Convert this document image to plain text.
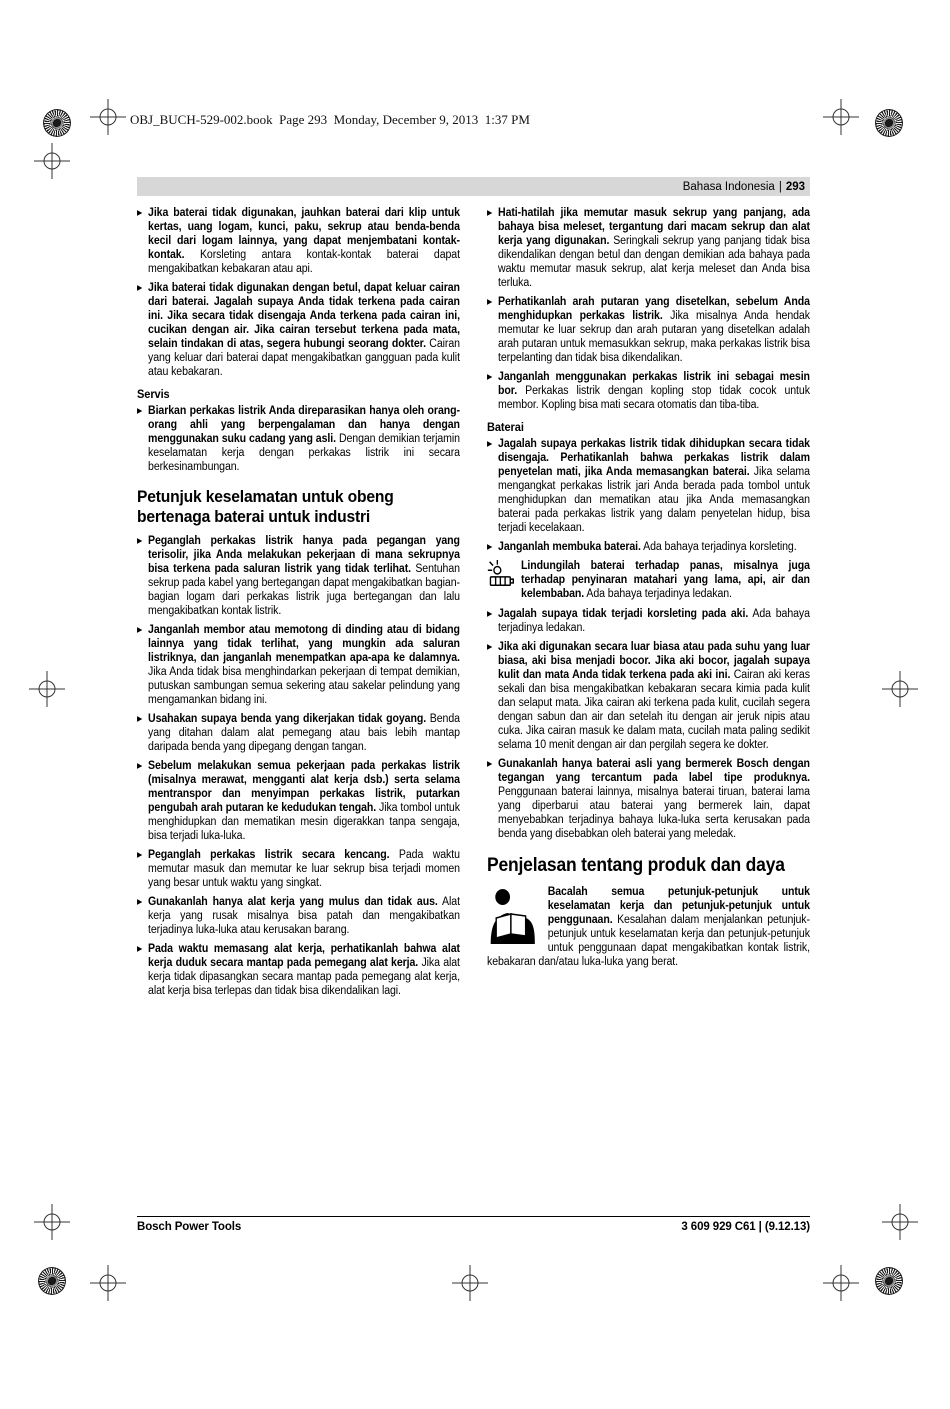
OBJ_BUCH-529-002.book  Page 293  Monday, December 9, 2013  1:37 PM
Bahasa Indonesia | 293
▶ Jika baterai tidak digunakan, jauhkan baterai dari klip untuk kertas, uang logam, kunci, paku, sekrup atau benda-benda kecil dari logam lainnya, yang dapat menjembatani kontak-kontak. Korsleting antara kontak-kontak baterai dapat mengakibatkan kebakaran atau api.

▶ Jika baterai tidak digunakan dengan betul, dapat keluar cairan dari baterai. Jagalah supaya Anda tidak terkena pada cairan ini. Jika secara tidak disengaja Anda terkena pada cairan ini, cucikan dengan air. Jika cairan tersebut terkena pada mata, selain tindakan di atas, segera hubungi seorang dokter. Cairan yang keluar dari baterai dapat mengakibatkan gangguan pada kulit atau kebakaran.

Servis
▶ Biarkan perkakas listrik Anda direparasikan hanya oleh orang-orang ahli yang berpengalaman dan hanya dengan menggunakan suku cadang yang asli. Dengan demikian terjamin keselamatan kerja dengan perkakas listrik ini secara berkesinambungan.

Petunjuk keselamatan untuk obeng bertenaga baterai untuk industri
▶ Peganglah perkakas listrik hanya pada pegangan yang terisolir, jika Anda melakukan pekerjaan di mana sekrupnya bisa terkena pada saluran listrik yang tidak terlihat. Sentuhan sekrup pada kabel yang bertegangan dapat mengakibatkan bagian-bagian logam dari perkakas listrik juga bertegangan dan lalu mengakibatkan kontak listrik.

▶ Janganlah membor atau memotong di dinding atau di bidang lainnya yang tidak terlihat, yang mungkin ada saluran listriknya, dan janganlah menempatkan apa-apa ke dalamnya. Jika Anda tidak bisa menghindarkan pekerjaan di tempat demikian, putuskan sambungan semua sekering atau sakelar pelindung yang mengamankan bidang ini.

▶ Usahakan supaya benda yang dikerjakan tidak goyang. Benda yang ditahan dalam alat pemegang atau bais lebih mantap daripada benda yang dipegang dengan tangan.

▶ Sebelum melakukan semua pekerjaan pada perkakas listrik (misalnya merawat, mengganti alat kerja dsb.) serta selama mentranspor dan menyimpan perkakas listrik, putarkan pengubah arah putaran ke kedudukan tengah. Jika tombol untuk menghidupkan dan mematikan mesin digerakkan tanpa sengaja, bisa terjadi luka-luka.

▶ Peganglah perkakas listrik secara kencang. Pada waktu memutar masuk dan memutar ke luar sekrup bisa terjadi momen yang besar untuk waktu yang singkat.

▶ Gunakanlah hanya alat kerja yang mulus dan tidak aus. Alat kerja yang rusak misalnya bisa patah dan mengakibatkan terjadinya luka-luka atau kerusakan barang.

▶ Pada waktu memasang alat kerja, perhatikanlah bahwa alat kerja duduk secara mantap pada pemegang alat kerja. Jika alat kerja tidak dipasangkan secara mantap pada pemegang alat kerja, alat kerja bisa terlepas dan tidak bisa dikendalikan lagi.

▶ Hati-hatilah jika memutar masuk sekrup yang panjang, ada bahaya bisa meleset, tergantung dari macam sekrup dan alat kerja yang digunakan. Seringkali sekrup yang panjang tidak bisa dikendalikan dengan betul dan dengan demikian ada bahaya pada waktu memutar masuk sekrup, alat kerja meleset dan Anda bisa terluka.

▶ Perhatikanlah arah putaran yang disetelkan, sebelum Anda menghidupkan perkakas listrik. Jika misalnya Anda hendak memutar ke luar sekrup dan arah putaran yang disetelkan adalah arah putaran untuk memasukkan sekrup, maka perkakas listrik bisa terpelanting dan tidak bisa dikendalikan.

▶ Janganlah menggunakan perkakas listrik ini sebagai mesin bor. Perkakas listrik dengan kopling stop tidak cocok untuk membor. Kopling bisa mati secara otomatis dan tiba-tiba.

Baterai
▶ Jagalah supaya perkakas listrik tidak dihidupkan secara tidak disengaja. Perhatikanlah bahwa perkakas listrik dalam penyetelan mati, jika Anda memasangkan baterai. Jika selama mengangkat perkakas listrik jari Anda berada pada tombol untuk menghidupkan dan mematikan atau jika Anda memasangkan baterai pada perkakas listrik yang dalam penyetelan hidup, bisa terjadi kecelakaan.

▶ Janganlah membuka baterai. Ada bahaya terjadinya korsleting.

Lindungilah baterai terhadap panas, misalnya juga terhadap penyinaran matahari yang lama, api, air dan kelembaban. Ada bahaya terjadinya ledakan.

▶ Jagalah supaya tidak terjadi korsleting pada aki. Ada bahaya terjadinya ledakan.

▶ Jika aki digunakan secara luar biasa atau pada suhu yang luar biasa, aki bisa menjadi bocor. Jika aki bocor, jagalah supaya kulit dan mata Anda tidak terkena pada aki ini. Cairan aki keras sekali dan bisa mengakibatkan kebakaran secara kimia pada kulit dan selaput mata. Jika cairan aki terkena pada kulit, cucilah segera dengan sabun dan air dan setelah itu dengan air jeruk nipis atau cuka. Jika cairan masuk ke dalam mata, cucilah mata paling sedikit selama 10 menit dengan air dan pergilah segera ke dokter.

▶ Gunakanlah hanya baterai asli yang bermerek Bosch dengan tegangan yang tercantum pada label tipe produknya. Penggunaan baterai lainnya, misalnya baterai tiruan, baterai lama yang diperbarui atau baterai yang bermerek lain, dapat menyebabkan terjadinya bahaya luka-luka serta kerusakan pada benda yang disebabkan oleh baterai yang meledak.

Penjelasan tentang produk dan daya

Bacalah semua petunjuk-petunjuk untuk keselamatan kerja dan petunjuk-petunjuk untuk penggunaan. Kesalahan dalam menjalankan petunjuk-petunjuk untuk keselamatan kerja dan petunjuk-petunjuk untuk penggunaan dapat mengakibatkan kontak listrik, kebakaran dan/atau luka-luka yang berat.

Bosch Power Tools	3 609 929 C61 | (9.12.13)
